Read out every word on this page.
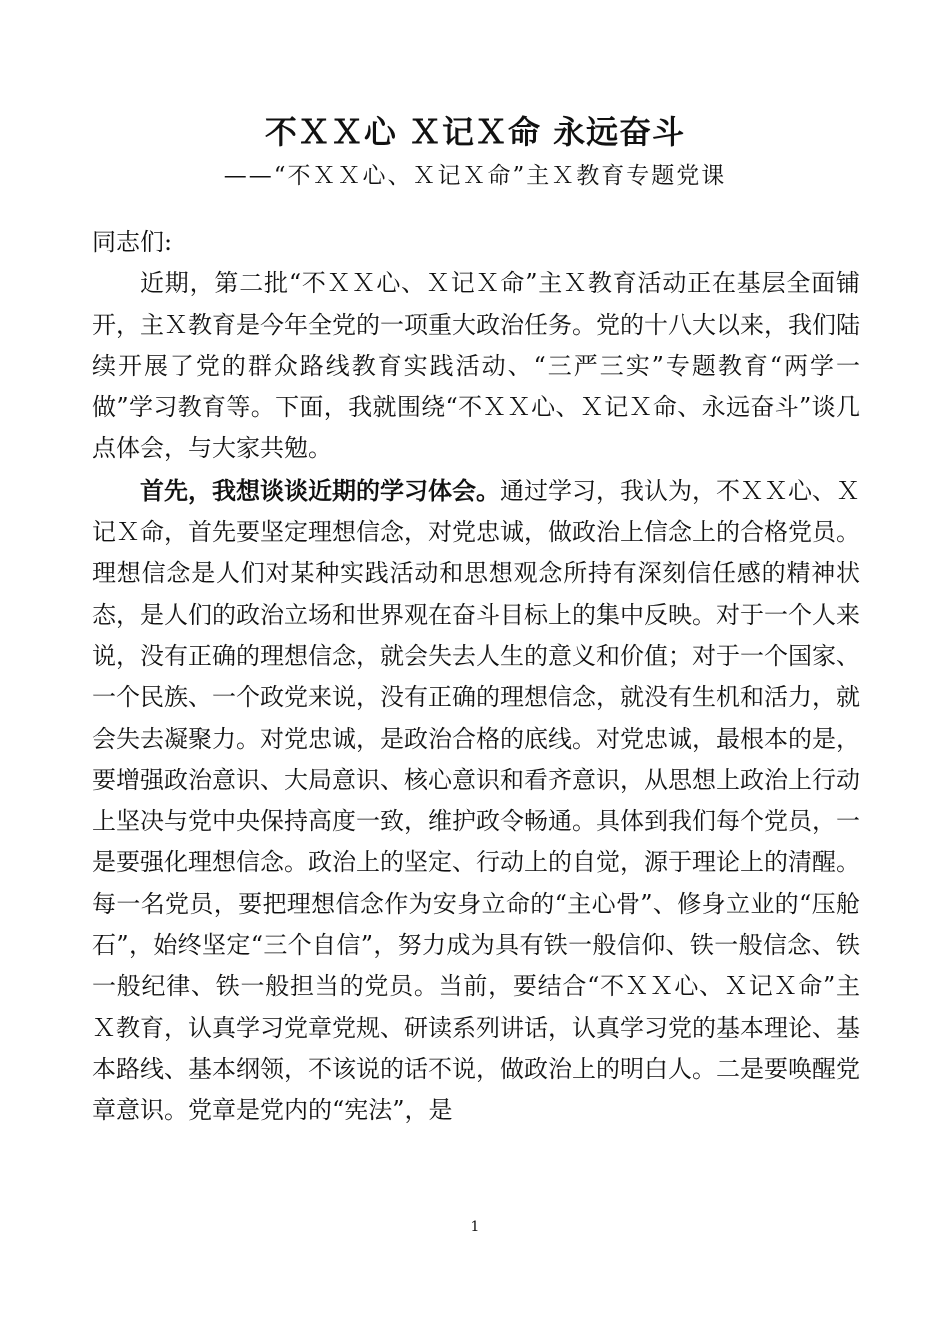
不ＸＸ心 Ｘ记Ｘ命 永远奋斗
——“不ＸＸ心、Ｘ记Ｘ命”主Ｘ教育专题党课

同志们:

近期，第二批“不ＸＸ心、Ｘ记Ｘ命”主Ｘ教育活动正在基层全面铺开，主Ｘ教育是今年全党的一项重大政治任务。党的十八大以来，我们陆续开展了党的群众路线教育实践活动、“三严三实”专题教育“两学一做”学习教育等。下面，我就围绕“不ＸＸ心、Ｘ记Ｘ命、永远奋斗”谈几点体会，与大家共勉。

首先，我想谈谈近期的学习体会。通过学习，我认为，不ＸＸ心、Ｘ记Ｘ命，首先要坚定理想信念，对党忠诚，做政治上信念上的合格党员。理想信念是人们对某种实践活动和思想观念所持有深刻信任感的精神状态，是人们的政治立场和世界观在奋斗目标上的集中反映。对于一个人来说，没有正确的理想信念，就会失去人生的意义和价值；对于一个国家、一个民族、一个政党来说，没有正确的理想信念，就没有生机和活力，就会失去凝聚力。对党忠诚，是政治合格的底线。对党忠诚，最根本的是，要增强政治意识、大局意识、核心意识和看齐意识，从思想上政治上行动上坚决与党中央保持高度一致，维护政令畅通。具体到我们每个党员，一是要强化理想信念。政治上的坚定、行动上的自觉，源于理论上的清醒。每一名党员，要把理想信念作为安身立命的“主心骨”、修身立业的“压舱石”，始终坚定“三个自信”，努力成为具有铁一般信仰、铁一般信念、铁一般纪律、铁一般担当的党员。当前，要结合“不ＸＸ心、Ｘ记Ｘ命”主Ｘ教育，认真学习党章党规、研读系列讲话，认真学习党的基本理论、基本路线、基本纲领，不该说的话不说，做政治上的明白人。二是要唤醒党章意识。党章是党内的“宪法”，是

1
